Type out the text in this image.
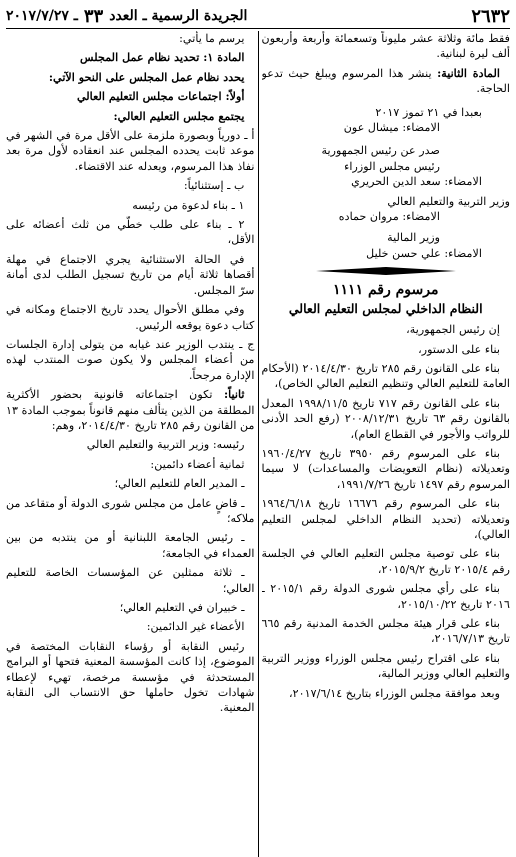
٢٦٣٢
الجريدة الرسمية ـ العدد
٣٣
ـ ٢٠١٧/٧/٢٧

فقط مائة وثلاثة عشر مليوناً وتسعمائة وأربعة وأربعون ألف ليرة لبنانية.

المادة الثانية: ينشر هذا المرسوم ويبلغ حيث تدعو الحاجة.

بعبدا في ٢١ تموز ٢٠١٧

الامضاء: ميشال عون

صدر عن رئيس الجمهورية

رئيس مجلس الوزراء

الامضاء: سعد الدين الحريري

وزير التربية والتعليم العالي

الامضاء: مروان حماده

وزير المالية

الامضاء: علي حسن خليل

مرسوم رقم ١١١١
النظام الداخلي لمجلس التعليم العالي

إن رئيس الجمهورية،

بناء على الدستور،

بناء على القانون رقم ٢٨٥ تاريخ ٢٠١٤/٤/٣٠ (الأحكام العامة للتعليم العالي وتنظيم التعليم العالي الخاص)،

بناء على القانون رقم ٧١٧ تاريخ ١٩٩٨/١١/٥ المعدل بالقانون رقم ٦٣ تاريخ ٢٠٠٨/١٢/٣١ (رفع الحد الأدنى للرواتب والأجور في القطاع العام)،

بناء على المرسوم رقم ٣٩٥٠ تاريخ ١٩٦٠/٤/٢٧ وتعديلاته (نظام التعويضات والمساعدات) لا سيما المرسوم رقم ١٤٩٧ تاريخ ١٩٩١/٧/٢٦،

بناء على المرسوم رقم ١٦٦٧٦ تاريخ ١٩٦٤/٦/١٨ وتعديلاته (تحديد النظام الداخلي لمجلس التعليم العالي)،

بناء على توصية مجلس التعليم العالي في الجلسة رقم ٢٠١٥/٤ تاريخ ٢٠١٥/٩/٢،

بناء على رأي مجلس شورى الدولة رقم ٢٠١٥/١ ـ ٢٠١٦ تاريخ ٢٠١٥/١٠/٢٢،

بناء على قرار هيئة مجلس الخدمة المدنية رقم ٦٦٥ تاريخ ٢٠١٦/٧/١٣،

بناء على اقتراح رئيس مجلس الوزراء ووزير التربية والتعليم العالي ووزير المالية،

وبعد موافقة مجلس الوزراء بتاريخ ٢٠١٧/٦/١٤،

يرسم ما يأتي:

المادة ١: تحديد نظام عمل المجلس

يحدد نظام عمل المجلس على النحو الآتي:

أولاً: اجتماعات مجلس التعليم العالي

يجتمع مجلس التعليم العالي:

أ ـ دورياً وبصورة ملزمة على الأقل مرة في الشهر في موعد ثابت يحدده المجلس عند انعقاده لأول مرة بعد نفاذ هذا المرسوم، ويعدله عند الاقتضاء.

ب ـ إستثنائياً:

١ ـ بناء لدعوة من رئيسه

٢ ـ بناء على طلب خطّي من ثلث أعضائه على الأقل،

في الحالة الاستثنائية يجري الاجتماع في مهلة أقصاها ثلاثة أيام من تاريخ تسجيل الطلب لدى أمانة سرّ المجلس.

وفي مطلق الأحوال يحدد تاريخ الاجتماع ومكانه في كتاب دعوة يوقعه الرئيس.

ج ـ ينتدب الوزير عند غيابه من يتولى إدارة الجلسات من أعضاء المجلس ولا يكون صوت المنتدب لهذه الإدارة مرجحاً.

ثانياً: تكون اجتماعاته قانونية بحضور الأكثرية المطلقة من الذين يتألف منهم قانوناً بموجب المادة ١٣ من القانون رقم ٢٨٥ تاريخ ٢٠١٤/٤/٣٠، وهم:

رئيسه: وزير التربية والتعليم العالي

ثمانية أعضاء دائمين:

ـ المدير العام للتعليم العالي؛

ـ قاضٍ عامل من مجلس شورى الدولة أو متقاعد من ملاكه؛

ـ رئيس الجامعة اللبنانية أو من ينتدبه من بين العمداء في الجامعة؛

ـ ثلاثة ممثلين عن المؤسسات الخاصة للتعليم العالي؛

ـ خبيران في التعليم العالي؛

الأعضاء غير الدائمين:

رئيس النقابة أو رؤساء النقابات المختصة في الموضوع، إذا كانت المؤسسة المعنية فتحها أو البرامج المستحدثة في مؤسسة مرخصة، تهيء لإعطاء شهادات تخول حاملها حق الانتساب الى النقابة المعنية.
